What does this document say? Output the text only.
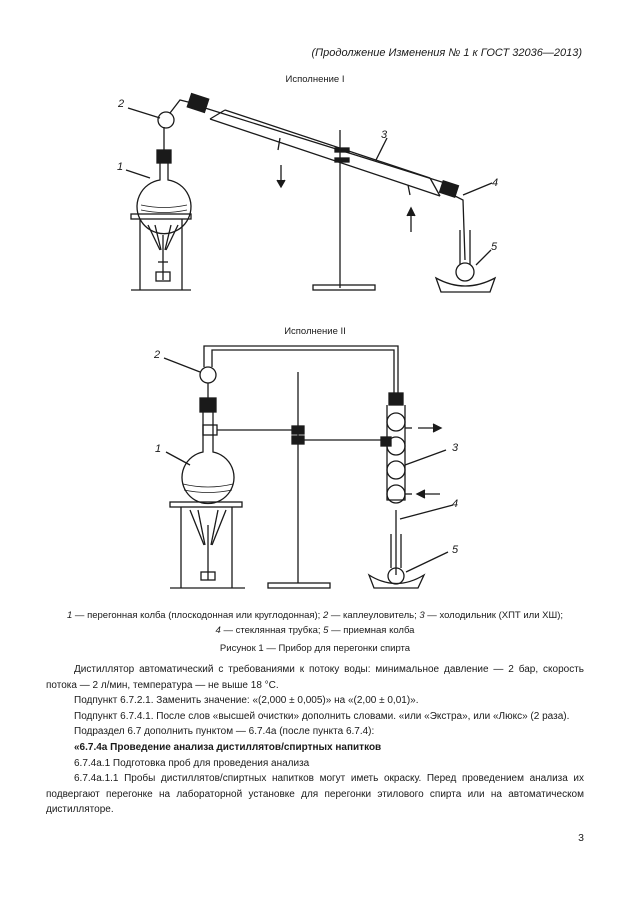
(Продолжение Изменения № 1 к ГОСТ 32036—2013)
Исполнение I
2
1
3
4
5
Исполнение II
2
1	3
4
5
1 — перегонная колба (плоскодонная или круглодонная); 2 — каплеуловитель; 3 — холодильник (ХПТ или ХШ);
4 — стеклянная трубка; 5 — приемная колба
Рисунок 1 — Прибор для перегонки спирта

Дистиллятор автоматический с требованиями к потоку воды: минимальное давление — 2 бар, скорость потока — 2 л/мин, температура — не выше 18 °C.

Подпункт 6.7.2.1. Заменить значение: «(2,000 ± 0,005)» на «(2,00 ± 0,01)».

Подпункт 6.7.4.1. После слов «высшей очистки» дополнить словами. «или «Экстра», или «Люкс» (2 раза).

Подраздел 6.7 дополнить пунктом — 6.7.4а (после пункта 6.7.4):

«6.7.4а Проведение анализа дистиллятов/спиртных напитков

6.7.4а.1 Подготовка проб для проведения анализа

6.7.4а.1.1 Пробы дистиллятов/спиртных напитков могут иметь окраску. Перед проведением анализа их подвергают перегонке на лабораторной установке для перегонки этилового спирта или на автоматическом дистилляторе.

3
